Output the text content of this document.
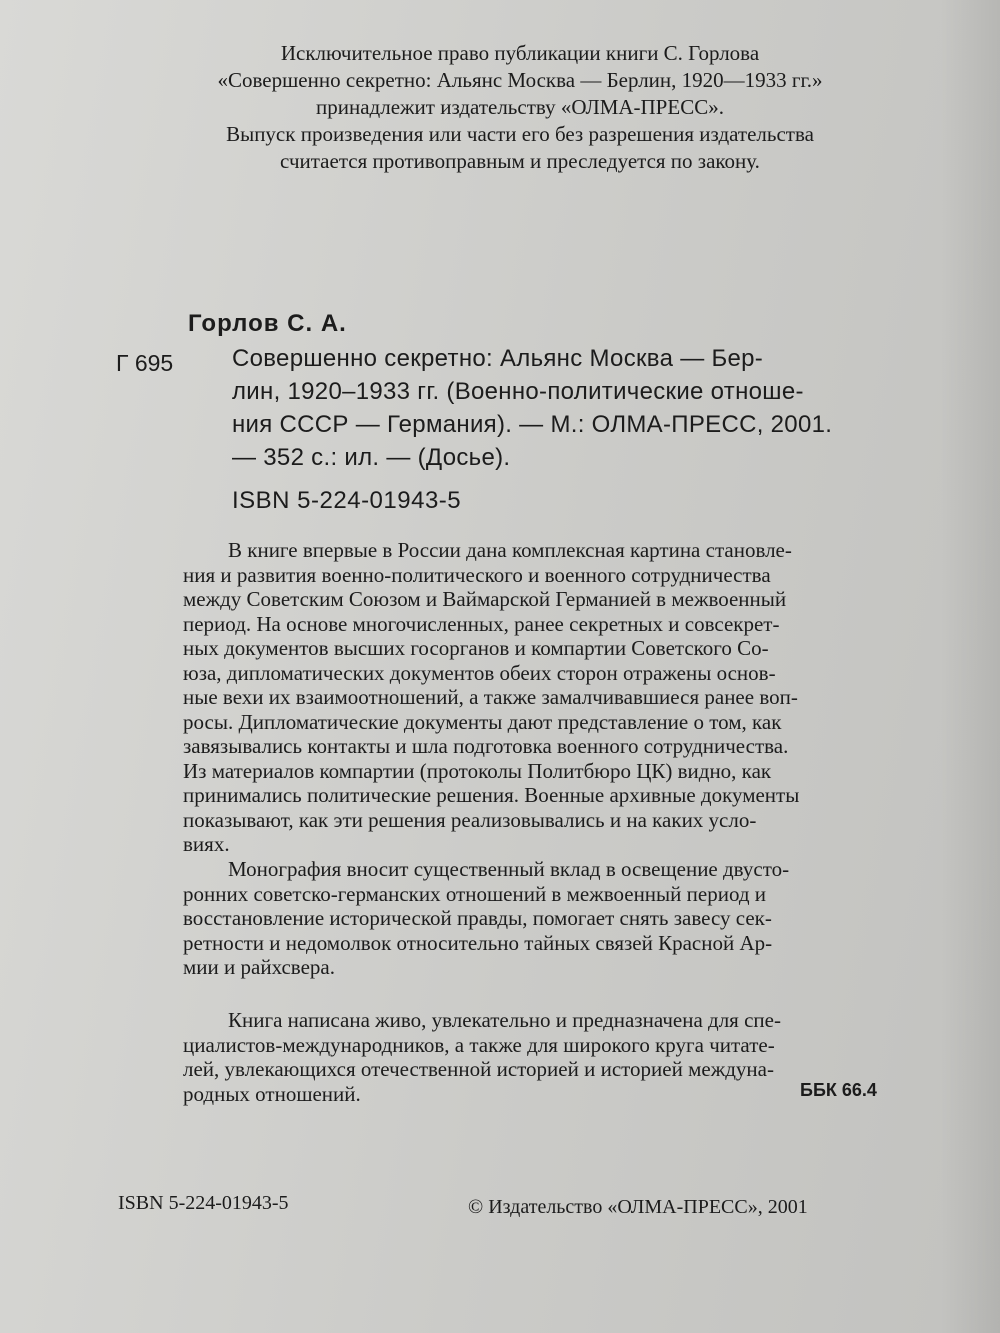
Исключительное право публикации книги С. Горлова
«Совершенно секретно: Альянс Москва — Берлин, 1920—1933 гг.»
принадлежит издательству «ОЛМА-ПРЕСС».
Выпуск произведения или части его без разрешения издательства
считается противоправным и преследуется по закону.
Горлов С. А.
Г 695 Совершенно секретно: Альянс Москва — Бер-
лин, 1920–1933 гг. (Военно-политические отноше-
ния СССР — Германия). — М.: ОЛМА-ПРЕСС, 2001.
— 352 с.: ил. — (Досье).
ISBN 5-224-01943-5
В книге впервые в России дана комплексная картина становле-
ния и развития военно-политического и военного сотрудничества
между Советским Союзом и Ваймарской Германией в межвоенный
период. На основе многочисленных, ранее секретных и совсекрет-
ных документов высших госорганов и компартии Советского Со-
юза, дипломатических документов обеих сторон отражены основ-
ные вехи их взаимоотношений, а также замалчивавшиеся ранее воп-
росы. Дипломатические документы дают представление о том, как
завязывались контакты и шла подготовка военного сотрудничества.
Из материалов компартии (протоколы Политбюро ЦК) видно, как
принимались политические решения. Военные архивные документы
показывают, как эти решения реализовывались и на каких усло-
виях.
Монография вносит существенный вклад в освещение двусто-
ронних советско-германских отношений в межвоенный период и
восстановление исторической правды, помогает снять завесу сек-
ретности и недомолвок относительно тайных связей Красной Ар-
мии и райхсвера.
Книга написана живо, увлекательно и предназначена для спе-
циалистов-международников, а также для широкого круга читате-
лей, увлекающихся отечественной историей и историей междуна-
родных отношений.	ББК 66.4
ISBN 5-224-01943-5	© Издательство «ОЛМА-ПРЕСС», 2001
